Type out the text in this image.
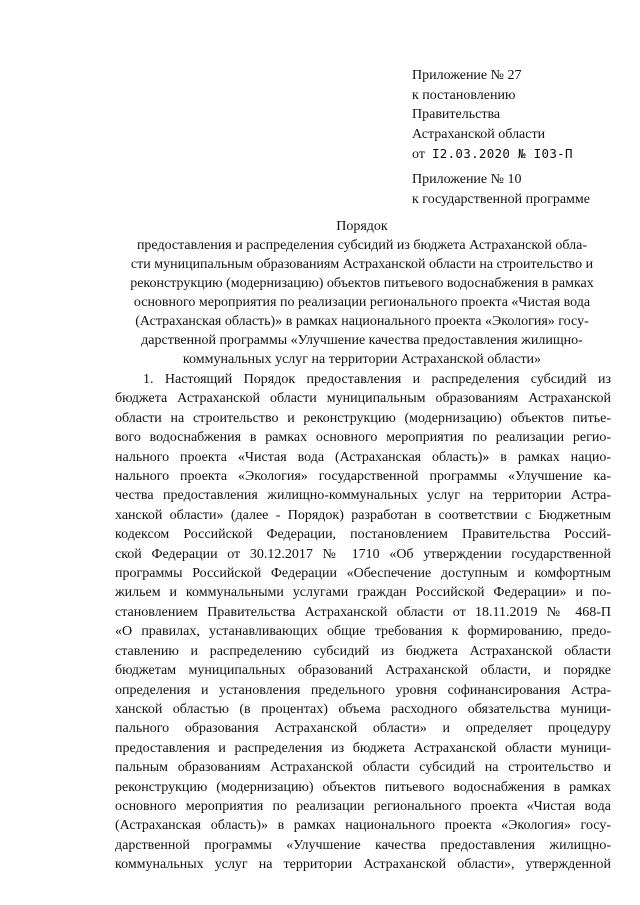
Приложение № 27
к постановлению
Правительства
Астраханской области
от I2.03.2020 № I03-П
Приложение № 10
к государственной программе
Порядок
предоставления и распределения субсидий из бюджета Астраханской обла-
сти муниципальным образованиям Астраханской области на строительство и
реконструкцию (модернизацию) объектов питьевого водоснабжения в рамках
основного мероприятия по реализации регионального проекта «Чистая вода
(Астраханская область)» в рамках национального проекта «Экология» госу-
дарственной программы «Улучшение качества предоставления жилищно-
коммунальных услуг на территории Астраханской области»
1. Настоящий Порядок предоставления и распределения субсидий из
бюджета Астраханской области муниципальным образованиям Астраханской
области на строительство и реконструкцию (модернизацию) объектов питье-
вого водоснабжения в рамках основного мероприятия по реализации регио-
нального проекта «Чистая вода (Астраханская область)» в рамках нацио-
нального проекта «Экология» государственной программы «Улучшение ка-
чества предоставления жилищно-коммунальных услуг на территории Астра-
ханской области» (далее - Порядок) разработан в соответствии с Бюджетным
кодексом Российской Федерации, постановлением Правительства Россий-
ской Федерации от 30.12.2017 № 1710 «Об утверждении государственной
программы Российской Федерации «Обеспечение доступным и комфортным
жильем и коммунальными услугами граждан Российской Федерации» и по-
становлением Правительства Астраханской области от 18.11.2019 № 468-П
«О правилах, устанавливающих общие требования к формированию, предо-
ставлению и распределению субсидий из бюджета Астраханской области
бюджетам муниципальных образований Астраханской области, и порядке
определения и установления предельного уровня софинансирования Астра-
ханской областью (в процентах) объема расходного обязательства муници-
пального образования Астраханской области» и определяет процедуру
предоставления и распределения из бюджета Астраханской области муници-
пальным образованиям Астраханской области субсидий на строительство и
реконструкцию (модернизацию) объектов питьевого водоснабжения в рамках
основного мероприятия по реализации регионального проекта «Чистая вода
(Астраханская область)» в рамках национального проекта «Экология» госу-
дарственной программы «Улучшение качества предоставления жилищно-
коммунальных услуг на территории Астраханской области», утвержденной
